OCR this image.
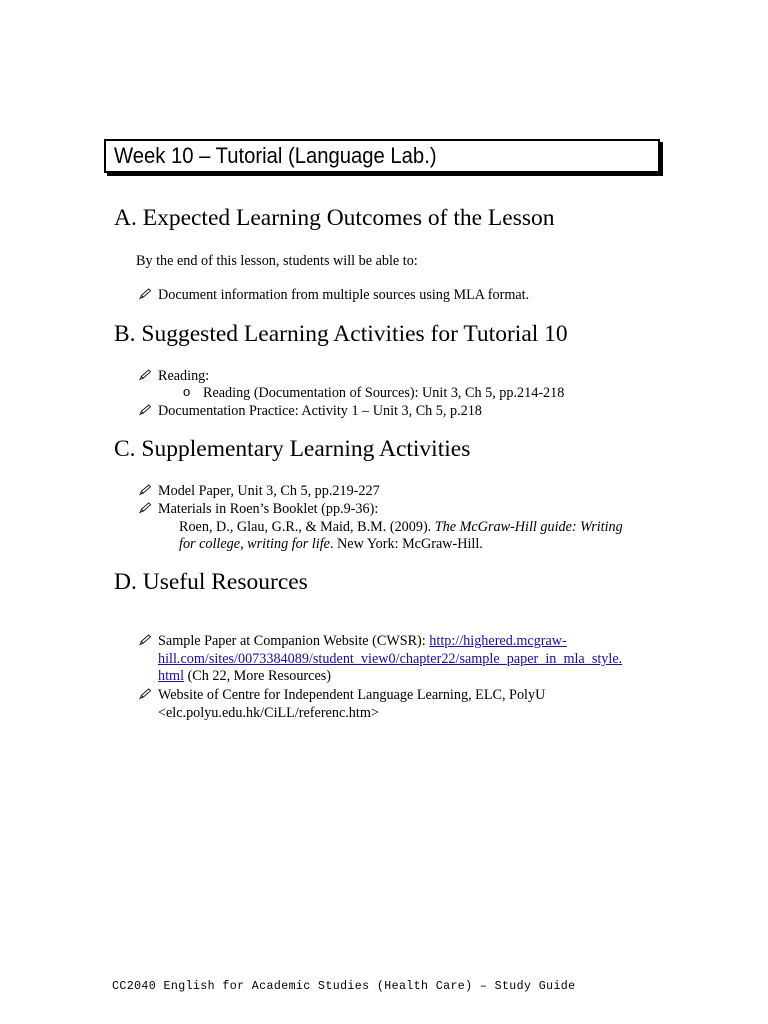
Week 10 – Tutorial (Language Lab.)
A. Expected Learning Outcomes of the Lesson
By the end of this lesson, students will be able to:
Document information from multiple sources using MLA format.
B. Suggested Learning Activities for Tutorial 10
Reading:
o Reading (Documentation of Sources): Unit 3, Ch 5, pp.214-218
Documentation Practice: Activity 1 – Unit 3, Ch 5, p.218
C. Supplementary Learning Activities
Model Paper, Unit 3, Ch 5, pp.219-227
Materials in Roen’s Booklet (pp.9-36):
Roen, D., Glau, G.R., & Maid, B.M. (2009). The McGraw-Hill guide: Writing
for college, writing for life. New York: McGraw-Hill.
D. Useful Resources
Sample Paper at Companion Website (CWSR): http://highered.mcgraw-
hill.com/sites/0073384089/student_view0/chapter22/sample_paper_in_mla_style.
html (Ch 22, More Resources)
Website of Centre for Independent Language Learning, ELC, PolyU
<elc.polyu.edu.hk/CiLL/referenc.htm>
CC2040 English for Academic Studies (Health Care) – Study Guide
